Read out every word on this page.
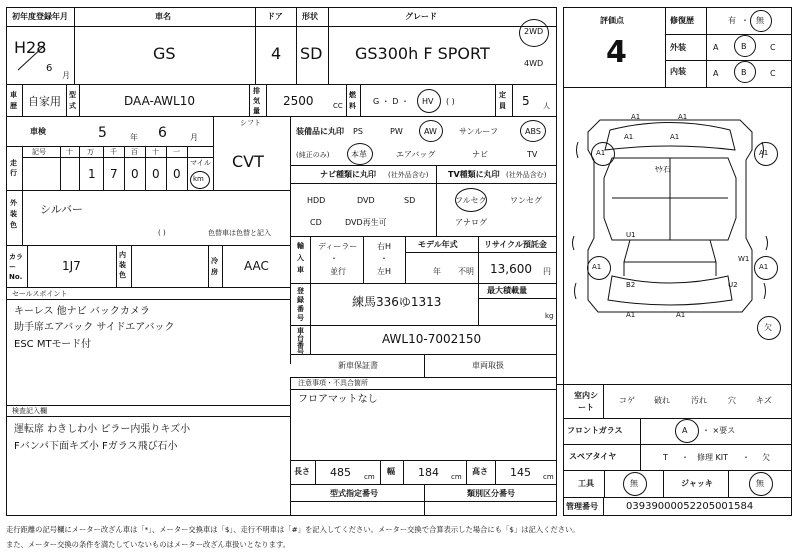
初年度登録年月
H28
6
月
車名
GS
ドア
4
形状
SD
グレード
GS300h F SPORT
2WD
4WD
評価点
4
修復歴	有 ・ 無
外装	A	B	C
内装	A	B	C
車歴 自家用 型式	DAA-AWL10
排気量
2500	CC
燃料	G ・ D ・ HV ( )
定員 5 人
車検	5	年 6	月
シフト
CVT
走行
記号	十 万 千 百 十 一
1 7 0 0 0
マイル
km
外装色
シルバー
( )	色替車は色替と記入
カラーNo.
1J7
内装色
冷房 AAC
セールスポイント
キーレス 他ナビ バックカメラ
助手席エアバック サイドエアバック
ESC MTモード付
検査記入欄
運転席 わきしわ小 ピラー内張りキズ小
Fバンパ下面キズ小 Fガラス飛び石小
装備品に丸印
(純正のみ)
PS	PW	AW	サンルーフ	ABS
本革	エアバッグ	ナビ	TV
ナビ種類に丸印 (社外品含む)
HDD	DVD	SD
CD	DVD再生可
TV種類に丸印 (社外品含む)
フルセグ	ワンセグ
アナログ
輸入車
ディーラー
・
並行
右H
・
左H
モデル年式
年 不明
リサイクル預託金
13,600 円
登録番号
練馬336ゆ1313
最大積載量
kg
車台番号
AWL10-7002150
新車保証書	車両取扱
注意事項・不具合箇所
フロアマットなし
長さ 485 cm
幅 184 cm
高さ 145 cm
型式指定番号	類別区分番号
室内シート
コゲ 破れ	汚れ	穴	キズ
フロントガラス	A ・ ×要ス
スペアタイヤ	T ・ 修理 KIT ・ 欠
工具	無	ジャッキ	無
管理番号	03939000052205001584
A1	A1
A1	A1
A1	A1
ﾔｹ石
U1
W1
B2	U2
A1	A1
A1	A1
欠
走行距離の記号欄にメーター改ざん車は「*」、メーター交換車は「$」、走行不明車は「#」を記入してください。メーター交換で合算表示した場合にも「$」は記入ください。
また、メーター交換の条件を満たしていないものはメーター改ざん車扱いとなります。
